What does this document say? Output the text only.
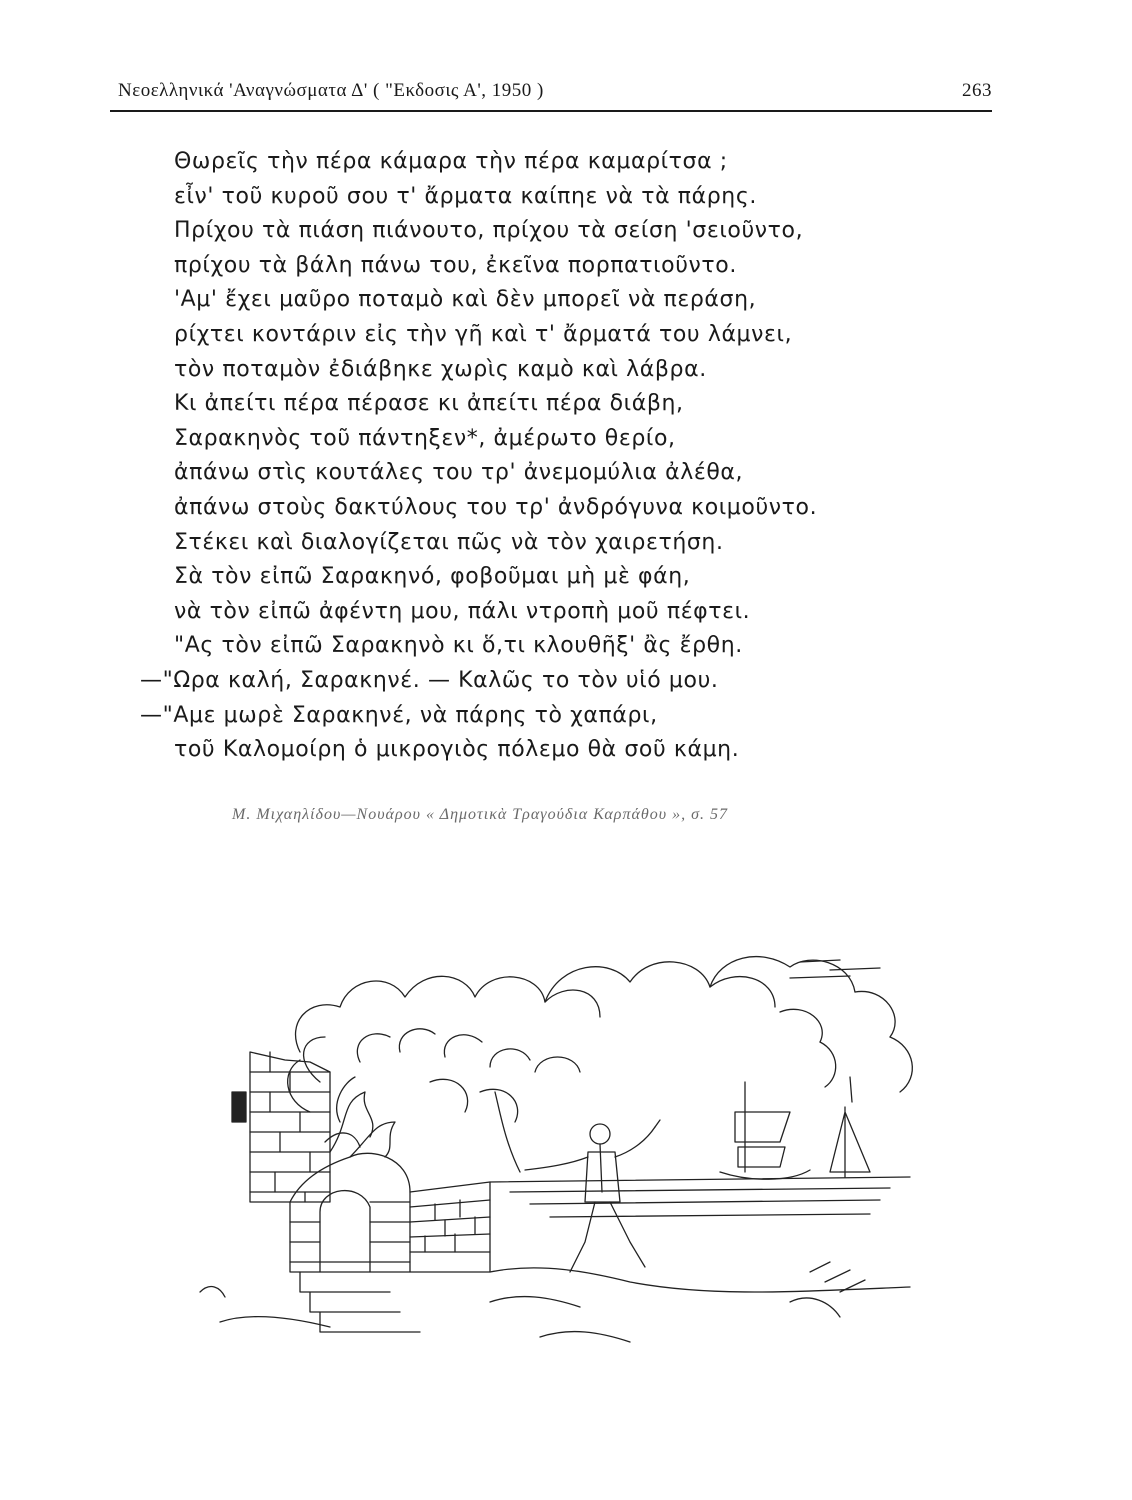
Νεοελληνικά 'Αναγνώσματα Δ' ( "Εκδοσις Α', 1950 )	263
Θωρεῖς τὴν πέρα κάμαρα τὴν πέρα καμαρίτσα ;
εἶν' τοῦ κυροῦ σου τ' ἄρματα καίπηε νὰ τὰ πάρης.
Πρίχου τὰ πιάση πιάνουτο, πρίχου τὰ σείση 'σειοῦντο,
πρίχου τὰ βάλη πάνω του, ἐκεῖνα πορπατιοῦντο.
'Αμ' ἔχει μαῦρο ποταμὸ καὶ δὲν μπορεῖ νὰ περάση,
ρίχτει κοντάριν εἰς τὴν γῆ καὶ τ' ἄρματά του λάμνει,
τὸν ποταμὸν ἐδιάβηκε χωρὶς καμὸ καὶ λάβρα.
Κι ἀπείτι πέρα πέρασε κι ἀπείτι πέρα διάβη,
Σαρακηνὸς τοῦ πάντηξεν*, ἀμέρωτο θερίο,
ἀπάνω στὶς κουτάλες του τρ' ἀνεμομύλια ἀλέθα,
ἀπάνω στοὺς δακτύλους του τρ' ἀνδρόγυνα κοιμοῦντο.
Στέκει καὶ διαλογίζεται πῶς νὰ τὸν χαιρετήση.
Σὰ τὸν εἰπῶ Σαρακηνό, φοβοῦμαι μὴ μὲ φάη,
νὰ τὸν εἰπῶ ἀφέντη μου, πάλι ντροπὴ μοῦ πέφτει.
"Ας τὸν εἰπῶ Σαρακηνὸ κι ὅ,τι κλουθῆξ' ἂς ἔρθη.
—"Ωρα καλή, Σαρακηνέ. — Καλῶς το τὸν υἱό μου.
—"Αμε μωρὲ Σαρακηνέ, νὰ πάρης τὸ χαπάρι,
τοῦ Καλομοίρη ὁ μικρογιὸς πόλεμο θὰ σοῦ κάμη.
Μ. Μιχαηλίδου—Νουάρου « Δημοτικὰ Τραγούδια Καρπάθου », σ. 57
